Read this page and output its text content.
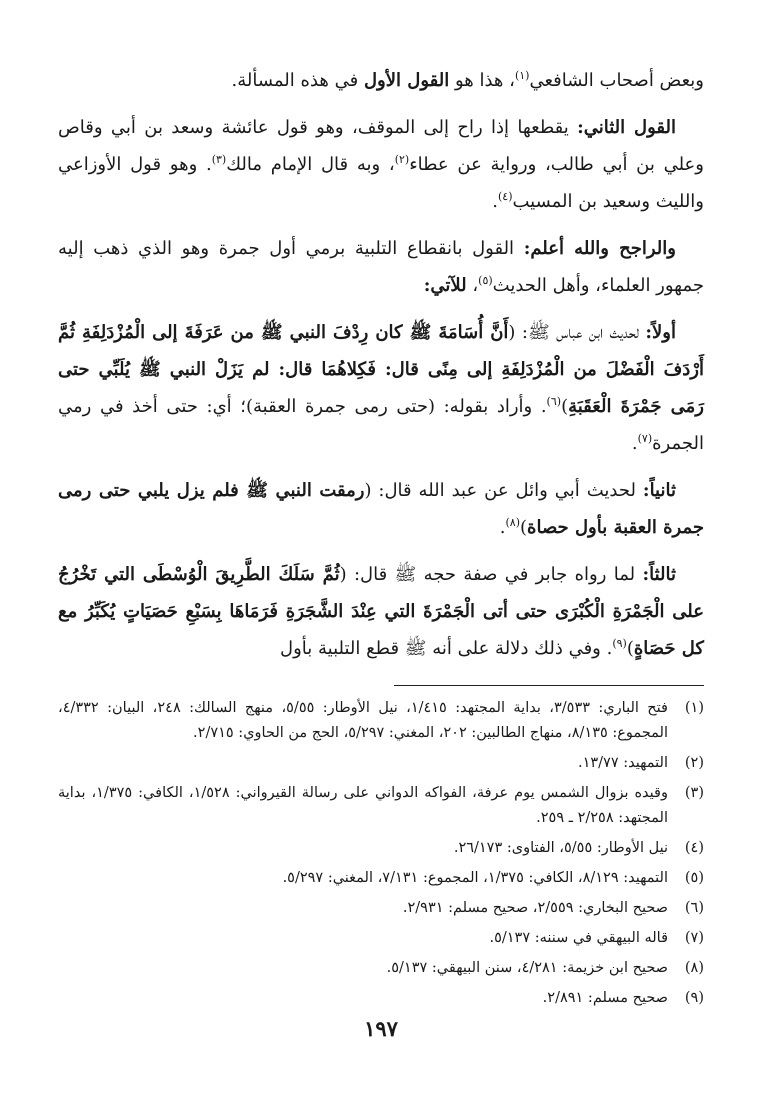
وبعض أصحاب الشافعي$^{(١)}$، هذا هو القول الأول في هذه المسألة.

القول الثاني: يقطعها إذا راح إلى الموقف، وهو قول عائشة وسعد بن أبي وقاص وعلي بن أبي طالب، ورواية عن عطاء$^{(٢)}$، وبه قال الإمام مالك$^{(٣)}$. وهو قول الأوزاعي والليث وسعيد بن المسيب$^{(٤)}$.

والراجح والله أعلم: القول بانقطاع التلبية برمي أول جمرة وهو الذي ذهب إليه جمهور العلماء، وأهل الحديث$^{(٥)}$، للآتي:

أولاً: لحديث ابن عباس ﷺ: (أَنَّ أُسَامَةَ ﷺ كان رِدْفَ النبي ﷺ من عَرَفَةَ إلى الْمُزْدَلِفَةِ ثُمَّ أَرْدَفَ الْفَضْلَ من الْمُزْدَلِفَةِ إلى مِنًى قال: فَكِلاهُمَا قال: لم يَزَلْ النبي ﷺ يُلَبِّي حتى رَمَى جَمْرَةَ الْعَقَبَةِ)$^{(٦)}$. وأراد بقوله: (حتى رمى جمرة العقبة)؛ أي: حتى أخذ في رمي الجمرة$^{(٧)}$.

ثانياً: لحديث أبي وائل عن عبد الله قال: (رمقت النبي ﷺ فلم يزل يلبي حتى رمى جمرة العقبة بأول حصاة)$^{(٨)}$.

ثالثاً: لما رواه جابر في صفة حجه ﷺ قال: (ثُمَّ سَلَكَ الطَّرِيقَ الْوُسْطَى التي تَخْرُجُ على الْجَمْرَةِ الْكُبْرَى حتى أتى الْجَمْرَةَ التي عِنْدَ الشَّجَرَةِ فَرَمَاهَا بِسَبْعِ حَصَيَاتٍ يُكَبِّرُ مع كل حَصَاةٍ)$^{(٩)}$. وفي ذلك دلالة على أنه ﷺ قطع التلبية بأول

(١)
فتح الباري: ٣/٥٣٣، بداية المجتهد: ١/٤١٥، نيل الأوطار: ٥/٥٥، منهج السالك: ٢٤٨، البيان: ٤/٣٣٢، المجموع: ٨/١٣٥، منهاج الطالبين: ٢٠٢، المغني: ٥/٢٩٧، الحج من الحاوي: ٢/٧١٥.
(٢)
التمهيد: ١٣/٧٧.
(٣)
وقيده بزوال الشمس يوم عرفة، الفواكه الدواني على رسالة القيرواني: ١/٥٢٨، الكافي: ١/٣٧٥، بداية المجتهد: ٢/٢٥٨ ـ ٢٥٩.
(٤)
نيل الأوطار: ٥/٥٥، الفتاوى: ٢٦/١٧٣.
(٥)
التمهيد: ٨/١٢٩، الكافي: ١/٣٧٥، المجموع: ٧/١٣١، المغني: ٥/٢٩٧.
(٦)
صحيح البخاري: ٢/٥٥٩، صحيح مسلم: ٢/٩٣١.
(٧)
قاله البيهقي في سننه: ٥/١٣٧.
(٨)
صحيح ابن خزيمة: ٤/٢٨١، سنن البيهقي: ٥/١٣٧.
(٩)
صحيح مسلم: ٢/٨٩١.
١٩٧
